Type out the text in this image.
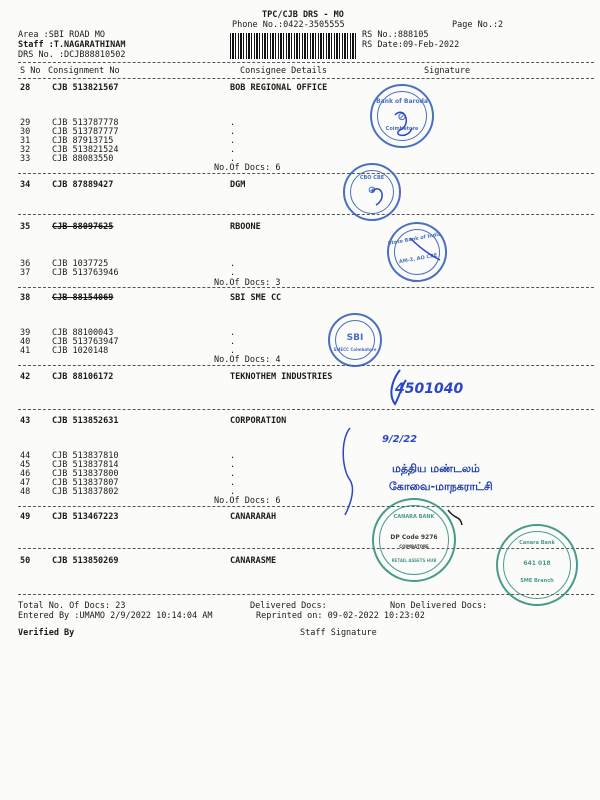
TPC/CJB DRS - MO
Phone No.:0422-3505555	Page No.:2
Area :SBI ROAD MO
Staff :T.NAGARATHINAM
DRS No. :DCJB88810502
RS No.:888105
RS Date:09-Feb-2022
S No Consignment No	Consignee Details	Signature
28	CJB 513821567	BOB REGIONAL OFFICE
29	CJB 513787778	.
30	CJB 513787777	.
31	CJB 87913715	.
32	CJB 513821524	.
33	CJB 88083550	.
No.Of Docs: 6
34	CJB 87889427	DGM
35	CJB 88097625	RBOONE
36	CJB 1037725	.
37	CJB 513763946	.
No.Of Docs: 3
38	CJB 88154069	SBI SME CC
39	CJB 88100043	.
40	CJB 513763947	.
41	CJB 1020148	.
No.Of Docs: 4
42	CJB 88106172	TEKNOTHEM INDUSTRIES
43	CJB 513852631	CORPORATION
44	CJB 513837810	.
45	CJB 513837814	.
46	CJB 513837800	.
47	CJB 513837807	.
48	CJB 513837802	.
No.Of Docs: 6
49	CJB 513467223	CANARARAH
50	CJB 513850269	CANARASME
Total No. Of Docs: 23	Delivered Docs:	Non Delivered Docs:
Entered By :UMAMO 2/9/2022 10:14:04 AM	Reprinted on: 09-02-2022 10:23:02
Verified By	Staff Signature
Bank of Baroda
⊘
Coimbatore
CBO CBE
⊘
State Bank of India
AM-2, AO CBE
SBI
SMECC Coimbatore
CANARA BANK
DP Code 9276
COIMBATORE
RETAIL ASSETS HUB
Canara Bank
641 018
SME Branch
4501040
9/2/22
மத்திய மண்டலம்
கோவை-மாநகராட்சி
